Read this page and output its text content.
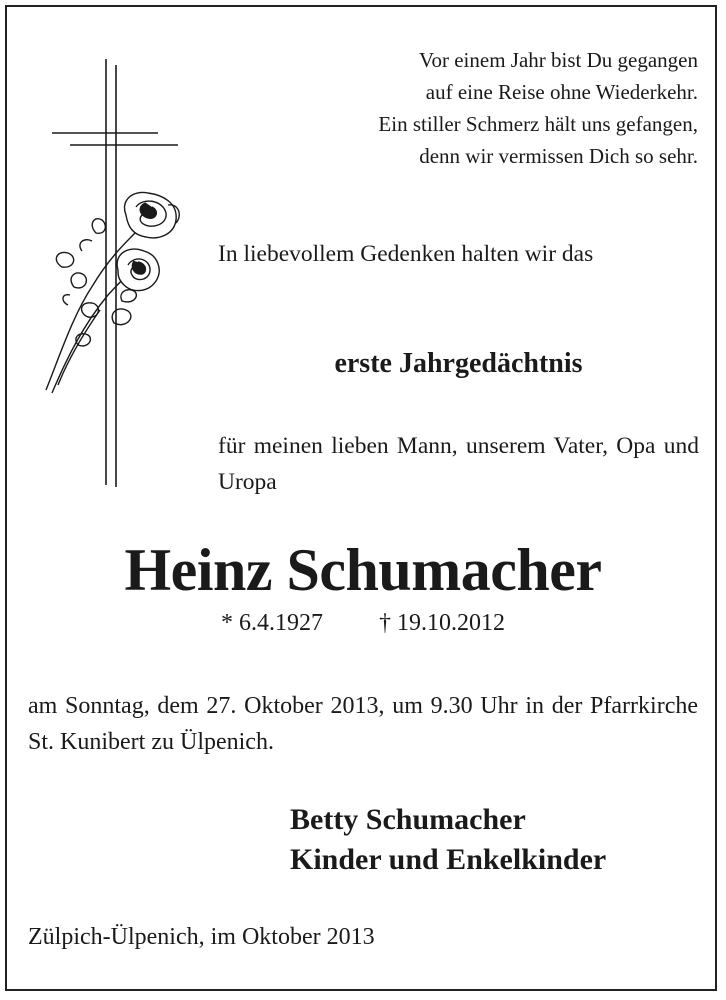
Vor einem Jahr bist Du gegangen
auf eine Reise ohne Wiederkehr.
Ein stiller Schmerz hält uns gefangen,
denn wir vermissen Dich so sehr.
In liebevollem Gedenken halten wir das
erste Jahrgedächtnis
für meinen lieben Mann, unserem Vater, Opa und Uropa
Heinz Schumacher
* 6.4.1927 † 19.10.2012
am Sonntag, dem 27. Oktober 2013, um 9.30 Uhr in der Pfarrkirche St. Kunibert zu Ülpenich.
Betty Schumacher
Kinder und Enkelkinder
Zülpich-Ülpenich, im Oktober 2013
